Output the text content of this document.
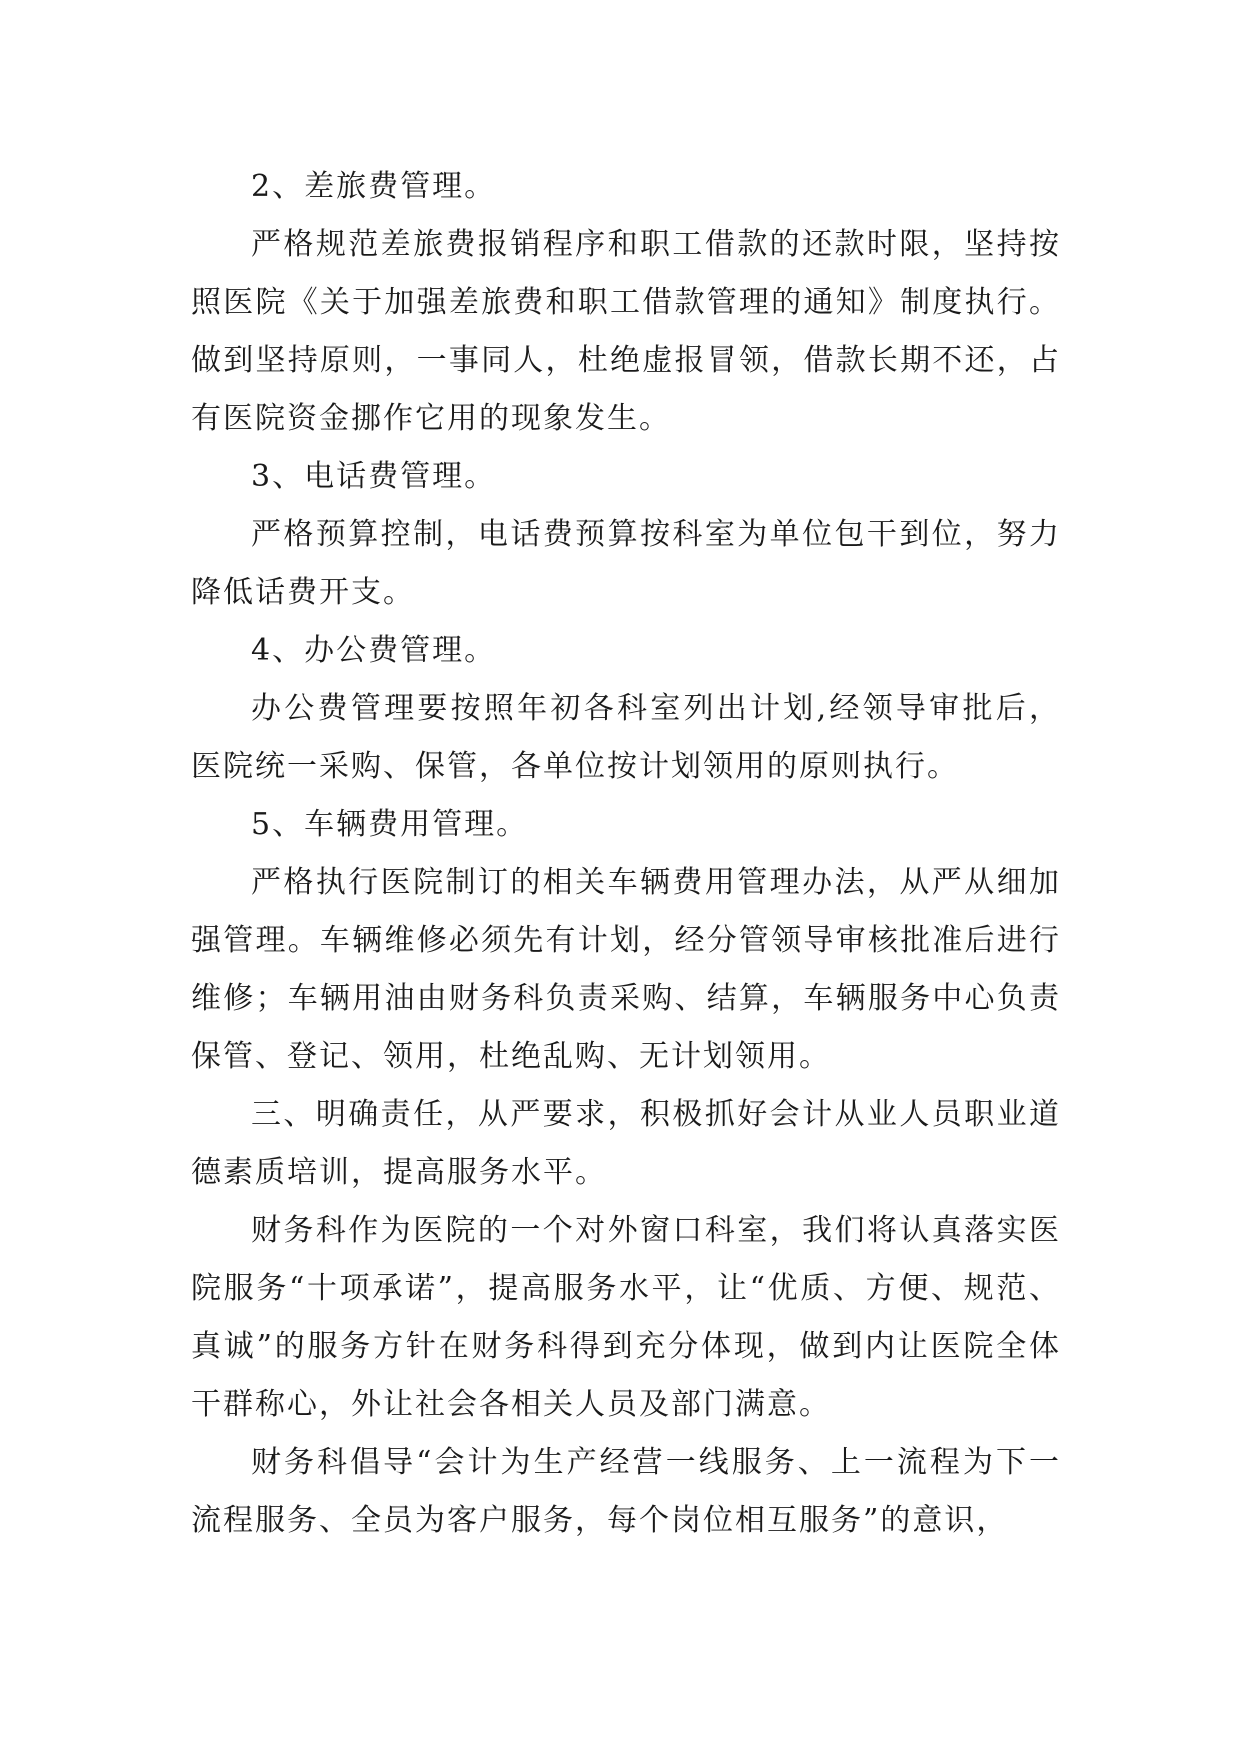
2、差旅费管理。

严格规范差旅费报销程序和职工借款的还款时限，坚持按照医院《关于加强差旅费和职工借款管理的通知》制度执行。做到坚持原则，一事同人，杜绝虚报冒领，借款长期不还，占有医院资金挪作它用的现象发生。

3、电话费管理。

严格预算控制，电话费预算按科室为单位包干到位，努力降低话费开支。

4、办公费管理。

办公费管理要按照年初各科室列出计划,经领导审批后，医院统一采购、保管，各单位按计划领用的原则执行。

5、车辆费用管理。

严格执行医院制订的相关车辆费用管理办法，从严从细加强管理。车辆维修必须先有计划，经分管领导审核批准后进行维修；车辆用油由财务科负责采购、结算，车辆服务中心负责保管、登记、领用，杜绝乱购、无计划领用。

三、明确责任，从严要求，积极抓好会计从业人员职业道德素质培训，提高服务水平。

财务科作为医院的一个对外窗口科室，我们将认真落实医院服务“十项承诺”，提高服务水平，让“优质、方便、规范、真诚”的服务方针在财务科得到充分体现，做到内让医院全体干群称心，外让社会各相关人员及部门满意。

财务科倡导“会计为生产经营一线服务、上一流程为下一流程服务、全员为客户服务，每个岗位相互服务”的意识，
